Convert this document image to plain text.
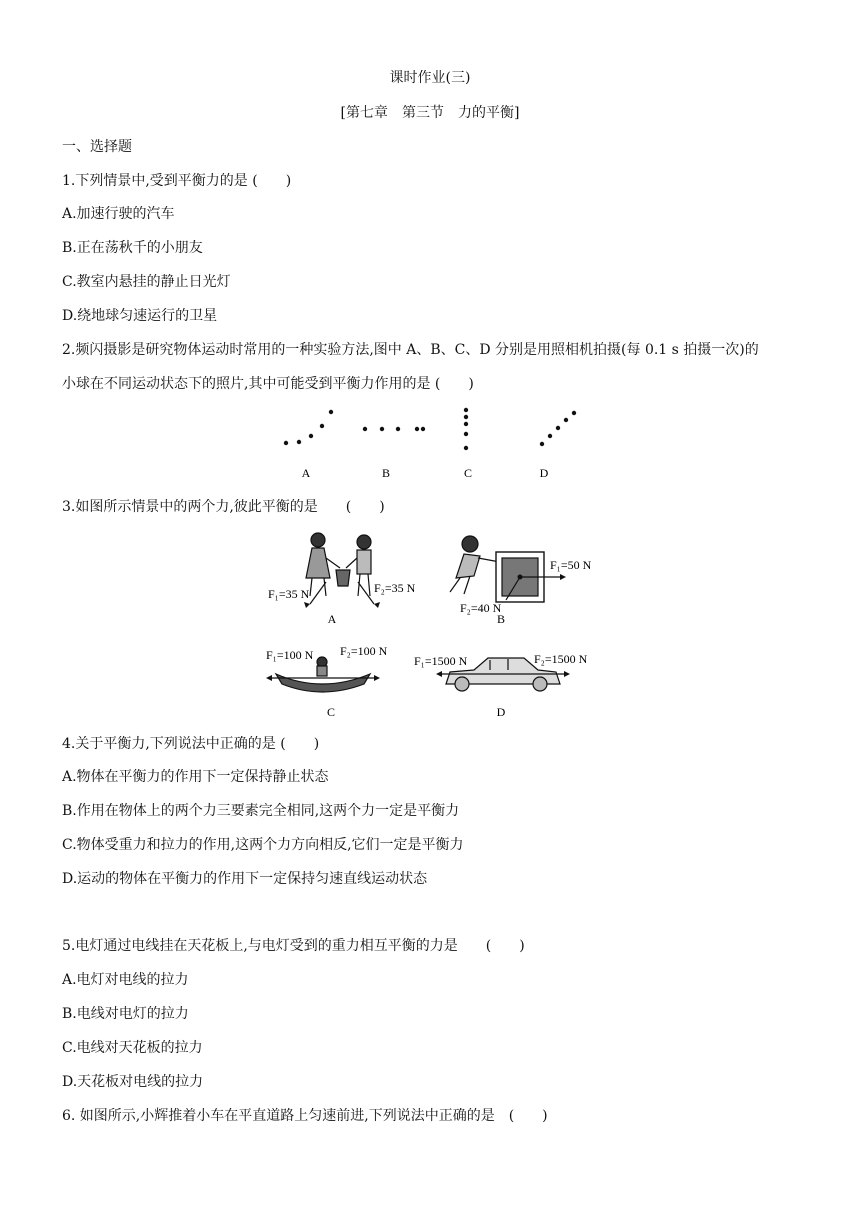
课时作业(三)
[第七章　第三节　力的平衡]
一、选择题
1.下列情景中,受到平衡力的是 (　　)
A.加速行驶的汽车
B.正在荡秋千的小朋友
C.教室内悬挂的静止日光灯
D.绕地球匀速运行的卫星
2.频闪摄影是研究物体运动时常用的一种实验方法,图中 A、B、C、D 分别是用照相机拍摄(每 0.1 s 拍摄一次)的
小球在不同运动状态下的照片,其中可能受到平衡力作用的是 (　　)
A	B	C	D
3.如图所示情景中的两个力,彼此平衡的是　　(　　)
F₁=35 N	F₂=35 N
A
F₁=50 N
F₂=40 N
B
F₁=100 N F₂=100 N
C
F₁=1500 N	F₂=1500 N
D
4.关于平衡力,下列说法中正确的是 (　　)
A.物体在平衡力的作用下一定保持静止状态
B.作用在物体上的两个力三要素完全相同,这两个力一定是平衡力
C.物体受重力和拉力的作用,这两个力方向相反,它们一定是平衡力
D.运动的物体在平衡力的作用下一定保持匀速直线运动状态
5.电灯通过电线挂在天花板上,与电灯受到的重力相互平衡的力是　　(　　)
A.电灯对电线的拉力
B.电线对电灯的拉力
C.电线对天花板的拉力
D.天花板对电线的拉力
6. 如图所示,小辉推着小车在平直道路上匀速前进,下列说法中正确的是　(　　)
